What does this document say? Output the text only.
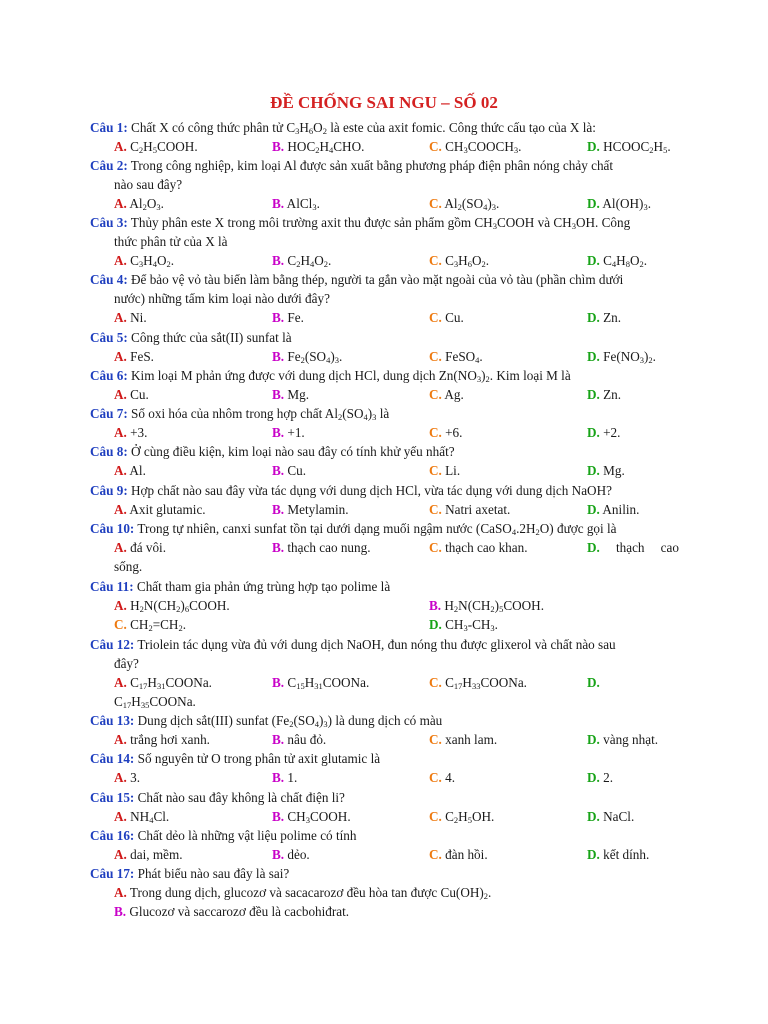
ĐỀ CHỐNG SAI NGU – SỐ 02
Câu 1: Chất X có công thức phân tử $C_3H_6O_2$ là este của axit fomic. Công thức cấu tạo của X là:
A. $C_2H_5COOH$.	B. $HOC_2H_4CHO$.	C. $CH_3COOCH_3$.	D. $HCOOC_2H_5$.
Câu 2: Trong công nghiệp, kim loại Al được sản xuất bằng phương pháp điện phân nóng chảy chất
nào sau đây?
A. $Al_2O_3$.	B. AlCl$_3$.	C. $Al_2(SO_4)_3$.	D. $Al(OH)_3$.
Câu 3: Thủy phân este X trong môi trường axit thu được sản phẩm gồm $CH_3COOH$ và $CH_3OH$. Công
thức phân tử của X là
A. $C_3H_4O_2$.	B. $C_2H_4O_2$.	C. $C_3H_6O_2$.	D. $C_4H_8O_2$.
Câu 4: Để bảo vệ vỏ tàu biển làm bằng thép, người ta gắn vào mặt ngoài của vỏ tàu (phần chìm dưới
nước) những tấm kim loại nào dưới đây?
A. Ni.	B. Fe.	C. Cu.	D. Zn.
Câu 5: Công thức của sắt(II) sunfat là
A. FeS.	B. $Fe_2(SO_4)_3$.	C. FeSO$_4$.	D. $Fe(NO_3)_2$.
Câu 6: Kim loại M phản ứng được với dung dịch HCl, dung dịch $Zn(NO_3)_2$. Kim loại M là
A. Cu.	B. Mg.	C. Ag.	D. Zn.
Câu 7: Số oxi hóa của nhôm trong hợp chất $Al_2(SO_4)_3$ là
A. +3.	B. +1.	C. +6.	D. +2.
Câu 8: Ở cùng điều kiện, kim loại nào sau đây có tính khử yếu nhất?
A. Al.	B. Cu.	C. Li.	D. Mg.
Câu 9: Hợp chất nào sau đây vừa tác dụng với dung dịch HCl, vừa tác dụng với dung dịch NaOH?
A. Axit glutamic.	B. Metylamin.	C. Natri axetat.	D. Anilin.
Câu 10: Trong tự nhiên, canxi sunfat tồn tại dưới dạng muối ngậm nước $(CaSO_4.2H_2O)$ được gọi là
A. đá vôi.	B. thạch cao nung.	C. thạch cao khan.	D. thạch cao
sống.
Câu 11: Chất tham gia phản ứng trùng hợp tạo polime là
A. $H_2N(CH_2)_6COOH$.	B. $H_2N(CH_2)_5COOH$.
C. $CH_2=CH_2$.	D. $CH_3-CH_3$.
Câu 12: Triolein tác dụng vừa đủ với dung dịch NaOH, đun nóng thu được glixerol và chất nào sau
đây?
A. $C_{17}H_{31}COONa$.	B. $C_{15}H_{31}COONa$.	C. $C_{17}H_{33}COONa$.	D.
$C_{17}H_{35}COONa$.
Câu 13: Dung dịch sắt(III) sunfat $(Fe_2(SO_4)_3)$ là dung dịch có màu
A. trắng hơi xanh.	B. nâu đỏ.	C. xanh lam.	D. vàng nhạt.
Câu 14: Số nguyên tử O trong phân tử axit glutamic là
A. 3.	B. 1.	C. 4.	D. 2.
Câu 15: Chất nào sau đây không là chất điện li?
A. $NH_4Cl$.	B. $CH_3COOH$.	C. $C_2H_5OH$.	D. NaCl.
Câu 16: Chất dẻo là những vật liệu polime có tính
A. dai, mềm.	B. dẻo.	C. đàn hồi.	D. kết dính.
Câu 17: Phát biểu nào sau đây là sai?
A. Trong dung dịch, glucozơ và sacacarozơ đều hòa tan được $Cu(OH)_2$.
B. Glucozơ và saccarozơ đều là cacbohiđrat.
